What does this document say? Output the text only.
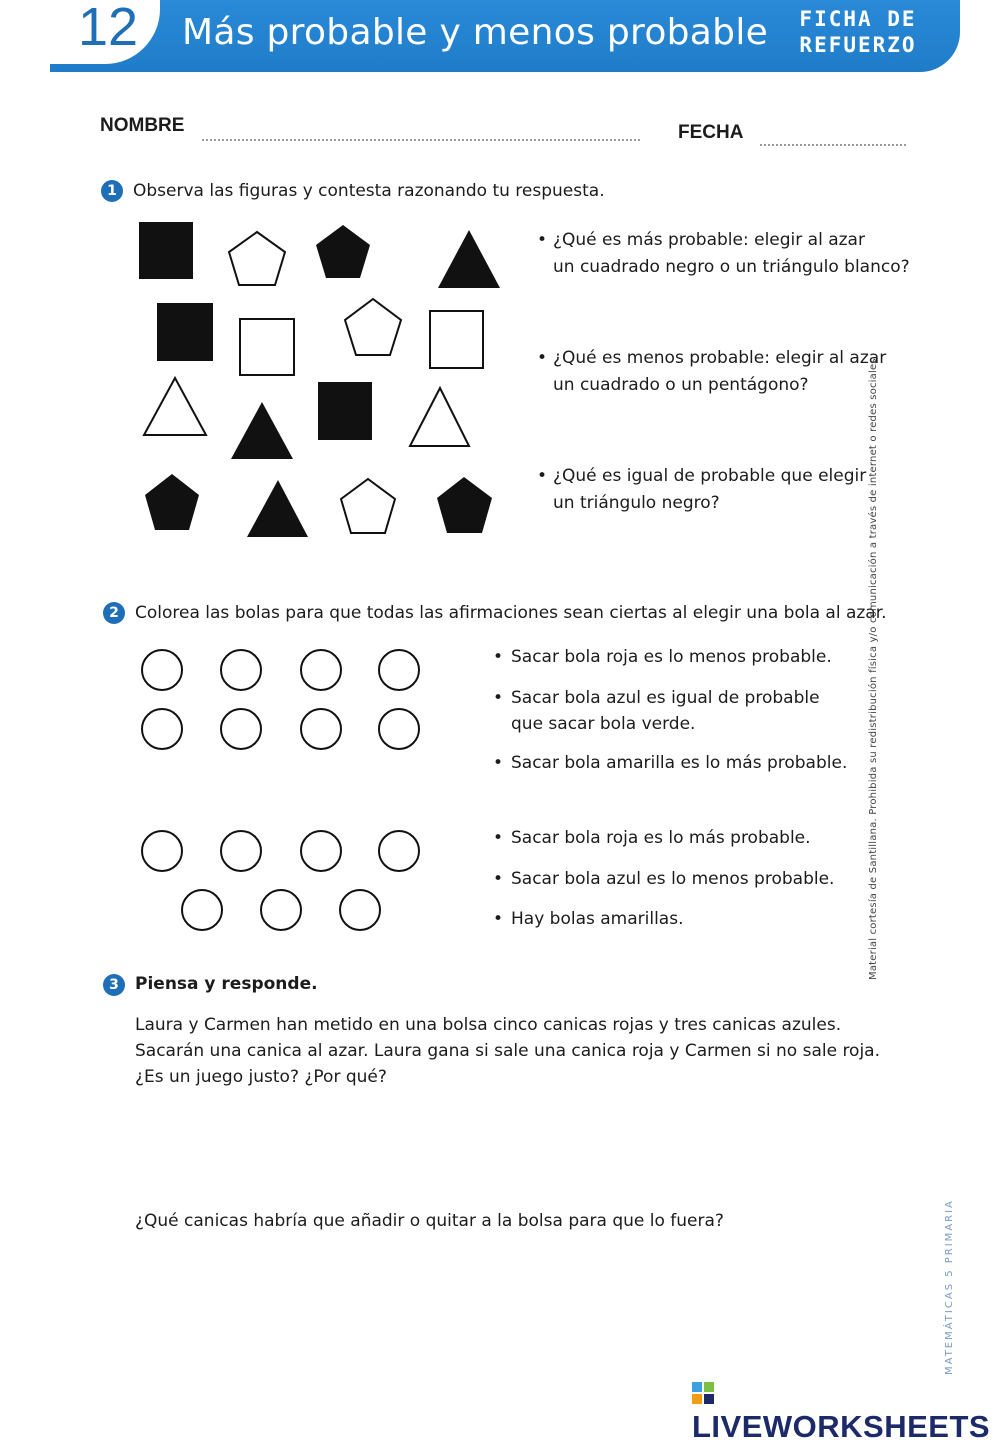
12 Más probable y menos probable	FICHA DE
REFUERZO
NOMBRE	FECHA
1 Observa las figuras y contesta razonando tu respuesta.
• ¿Qué es más probable: elegir al azar
un cuadrado negro o un triángulo blanco?
• ¿Qué es menos probable: elegir al azar
un cuadrado o un pentágono?
• ¿Qué es igual de probable que elegir
un triángulo negro?
2 Colorea las bolas para que todas las afirmaciones sean ciertas al elegir una bola al azar.
• Sacar bola roja es lo menos probable.
• Sacar bola azul es igual de probable que sacar bola verde.
• Sacar bola amarilla es lo más probable.
• Sacar bola roja es lo más probable.
• Sacar bola azul es lo menos probable.
• Hay bolas amarillas.
3 Piensa y responde.
Laura y Carmen han metido en una bolsa cinco canicas rojas y tres canicas azules.
Sacarán una canica al azar. Laura gana si sale una canica roja y Carmen si no sale roja.
¿Es un juego justo? ¿Por qué?
¿Qué canicas habría que añadir o quitar a la bolsa para que lo fuera?
Material cortesía de Santillana. Prohibida su redistribución física y/o comunicación a través de internet o redes sociales
MATEMÁTICAS 5 PRIMARIA
LIVEWORKSHEETS
